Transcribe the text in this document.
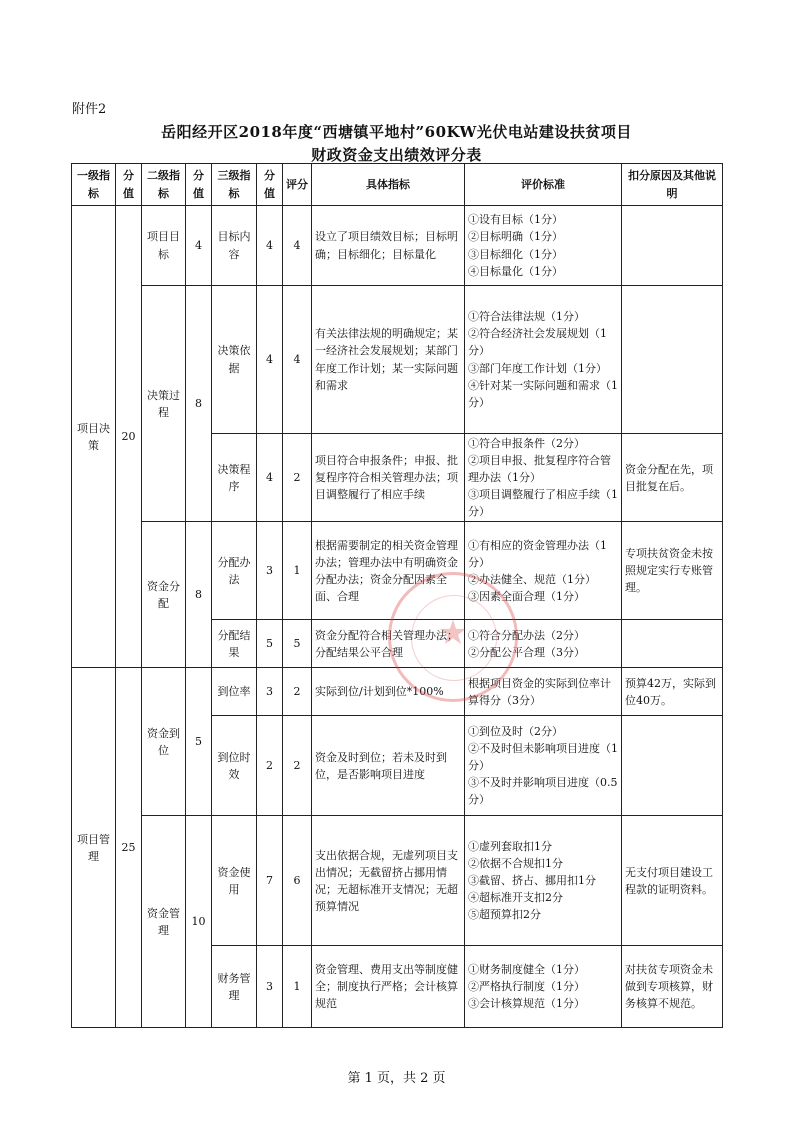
附件2
岳阳经开区2018年度“西塘镇平地村”60KW光伏电站建设扶贫项目
财政资金支出绩效评分表
一级指标	分值	二级指标	分值	三级指标	分值	评分	具体指标	评价标准	扣分原因及其他说明
项目决策	20	项目目标	4	目标内容	4	4	设立了项目绩效目标；目标明确；目标细化；目标量化	①设有目标（1分）
②目标明确（1分）
③目标细化（1分）
④目标量化（1分）	

		决策过程	8	决策依据	4	4	有关法律法规的明确规定；某一经济社会发展规划；某部门年度工作计划；某一实际问题和需求	①符合法律法规（1分）
②符合经济社会发展规划（1分）
③部门年度工作计划（1分）
④针对某一实际问题和需求（1分）	

				决策程序	4	2	项目符合申报条件；申报、批复程序符合相关管理办法；项目调整履行了相应手续	①符合申报条件（2分）
②项目申报、批复程序符合管理办法（1分）
③项目调整履行了相应手续（1分）	资金分配在先，项目批复在后。
		资金分配	8	分配办法	3	1	根据需要制定的相关资金管理办法；管理办法中有明确资金分配办法；资金分配因素全面、合理	①有相应的资金管理办法（1分）
②办法健全、规范（1分）
③因素全面合理（1分）	专项扶贫资金未按照规定实行专账管理。
				分配结果	5	5	资金分配符合相关管理办法；分配结果公平合理	①符合分配办法（2分）
②分配公平合理（3分）	

项目管理	25	资金到位	5	到位率	3	2	实际到位/计划到位*100%	根据项目资金的实际到位率计算得分（3分）	预算42万，实际到位40万。
				到位时效	2	2	资金及时到位；若未及时到位，是否影响项目进度	①到位及时（2分）
②不及时但未影响项目进度（1分）
③不及时并影响项目进度（0.5分）	

		资金管理	10	资金使用	7	6	支出依据合规，无虚列项目支出情况；无截留挤占挪用情况；无超标准开支情况；无超预算情况	①虚列套取扣1分
②依据不合规扣1分
③截留、挤占、挪用扣1分
④超标准开支扣2分
⑤超预算扣2分	无支付项目建设工程款的证明资料。
				财务管理	3	1	资金管理、费用支出等制度健全；制度执行严格；会计核算规范	①财务制度健全（1分）
②严格执行制度（1分）
③会计核算规范（1分）	对扶贫专项资金未做到专项核算，财务核算不规范。
★
第 1 页，共 2 页
